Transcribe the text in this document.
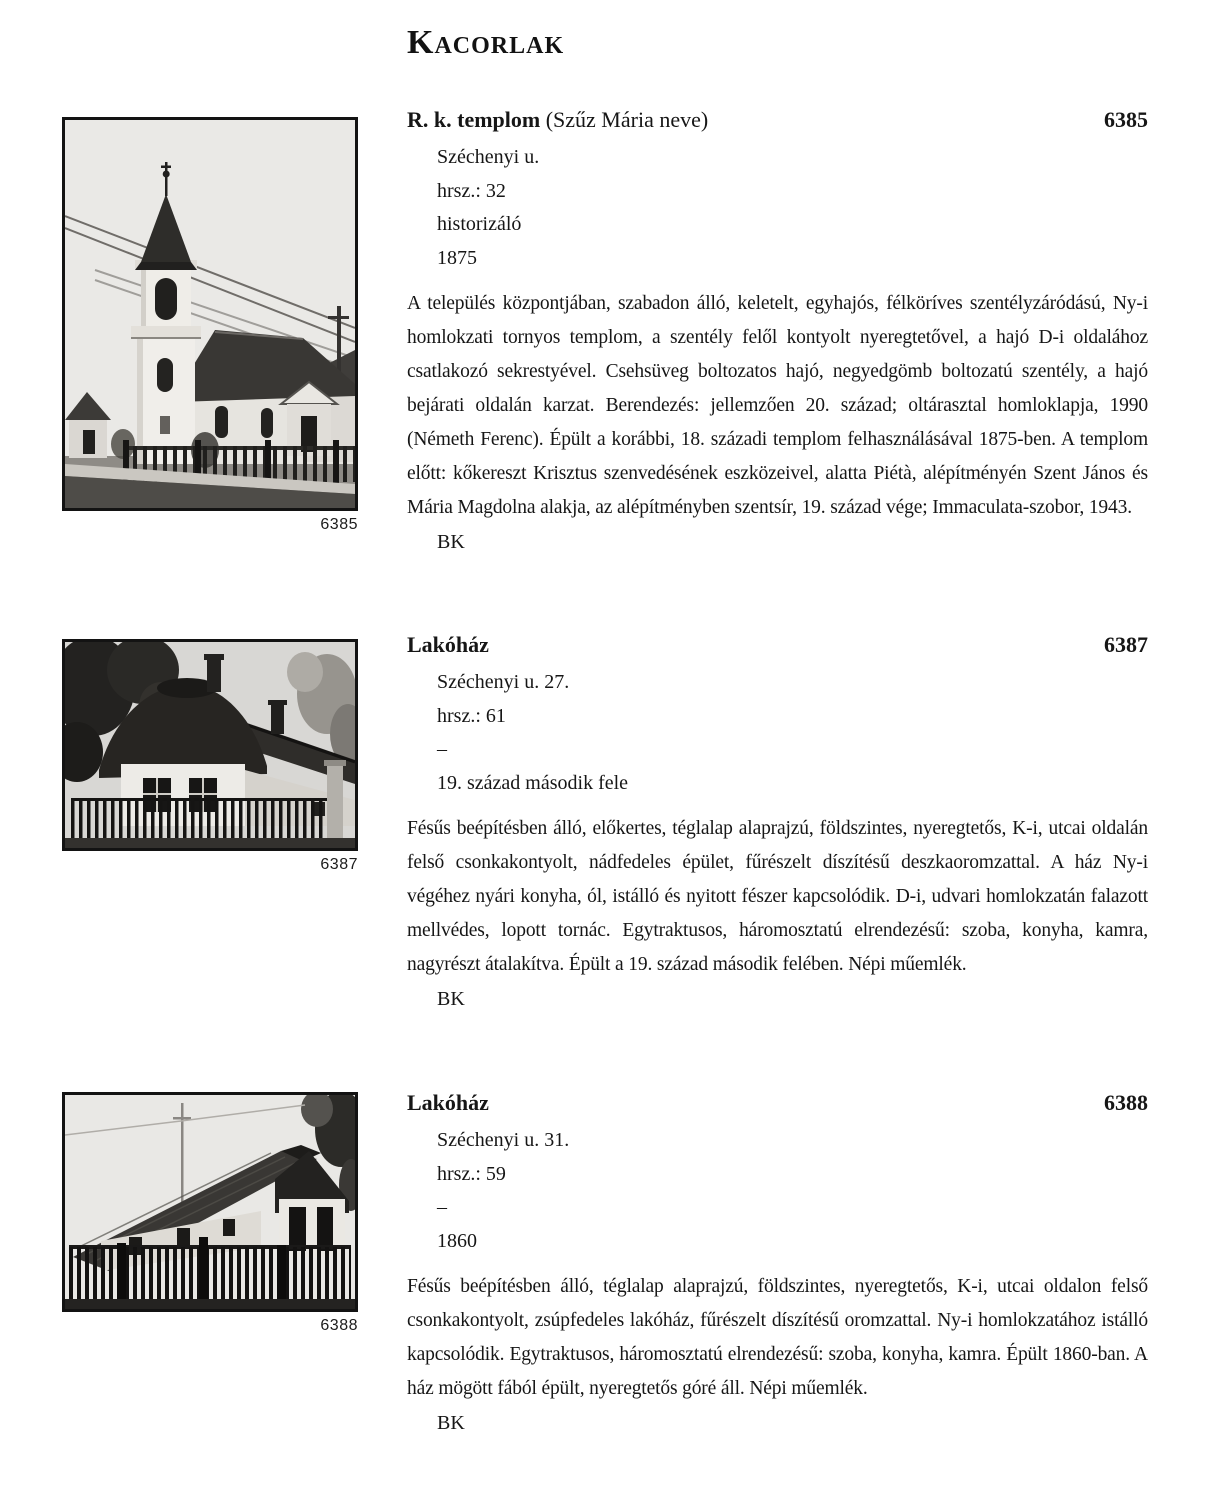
Kacorlak
6385
6387
6388
R. k. templom (Szűz Mária neve)	6385
Széchenyi u.
hrsz.: 32
historizáló
1875

A település központjában, szabadon álló, keletelt, egyhajós, félköríves szentélyzáródású, Ny-i homlokzati tornyos templom, a szentély felől kontyolt nyeregtetővel, a hajó D-i oldalához csatlakozó sekrestyével. Csehsüveg boltozatos hajó, negyedgömb boltozatú szentély, a hajó bejárati oldalán karzat. Berendezés: jellemzően 20. század; oltárasztal homloklapja, 1990 (Németh Ferenc). Épült a korábbi, 18. századi templom felhasználásával 1875-ben. A templom előtt: kőkereszt Krisztus szenvedésének eszközeivel, alatta Piétà, alépítményén Szent János és Mária Magdolna alakja, az alépítményben szentsír, 19. század vége; Immaculata-szobor, 1943.

BK
Lakóház	6387
Széchenyi u. 27.
hrsz.: 61
–
19. század második fele

Fésűs beépítésben álló, előkertes, téglalap alaprajzú, földszintes, nyeregtetős, K-i, utcai oldalán felső csonkakontyolt, nádfedeles épület, fűrészelt díszítésű deszkaoromzattal. A ház Ny-i végéhez nyári konyha, ól, istálló és nyitott fészer kapcsolódik. D-i, udvari homlokzatán falazott mellvédes, lopott tornác. Egytraktusos, háromosztatú elrendezésű: szoba, konyha, kamra, nagyrészt átalakítva. Épült a 19. század második felében. Népi műemlék.

BK
Lakóház	6388
Széchenyi u. 31.
hrsz.: 59
–
1860

Fésűs beépítésben álló, téglalap alaprajzú, földszintes, nyeregtetős, K-i, utcai oldalon felső csonkakontyolt, zsúpfedeles lakóház, fűrészelt díszítésű oromzattal. Ny-i homlokzatához istálló kapcsolódik. Egytraktusos, háromosztatú elrendezésű: szoba, konyha, kamra. Épült 1860-ban. A ház mögött fából épült, nyeregtetős góré áll. Népi műemlék.

BK
